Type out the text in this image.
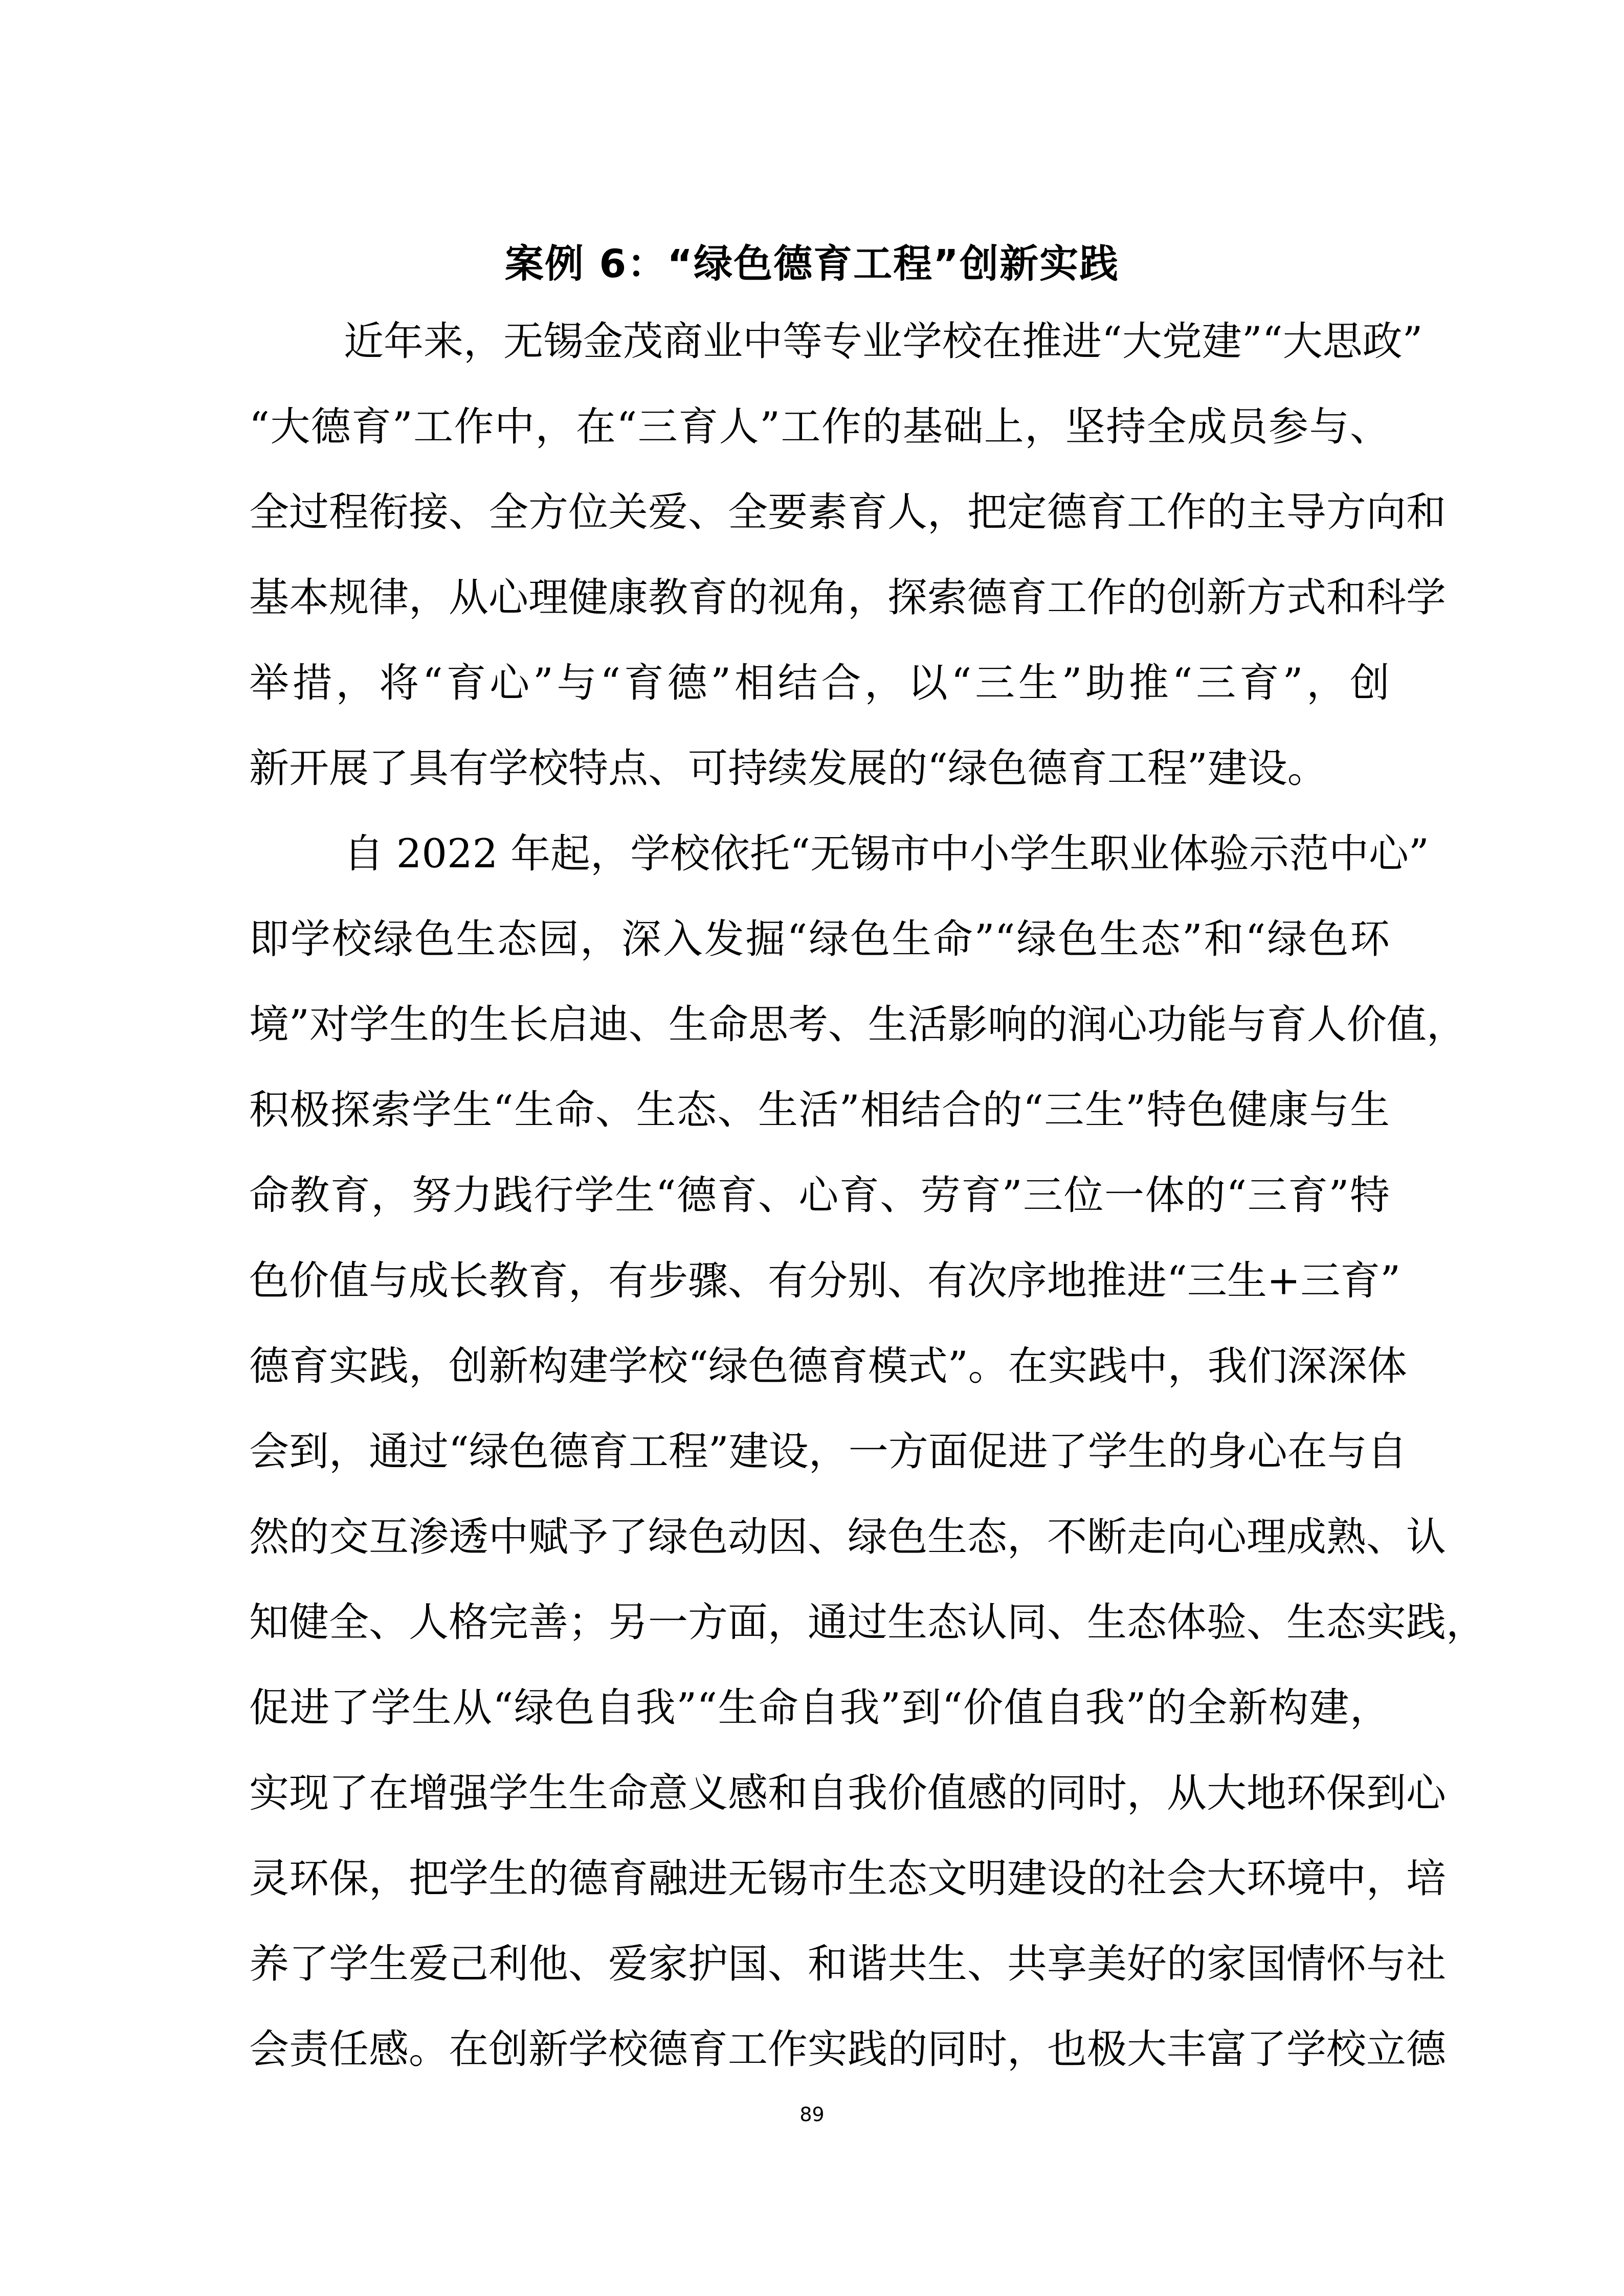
案例 6：“绿色德育工程”创新实践
近年来，无锡金茂商业中等专业学校在推进“大党建”“大思政”
“大德育”工作中，在“三育人”工作的基础上，坚持全成员参与、
全过程衔接、全方位关爱、全要素育人，把定德育工作的主导方向和
基本规律，从心理健康教育的视角，探索德育工作的创新方式和科学
举措，将“育心”与“育德”相结合，以“三生”助推“三育”，创
新开展了具有学校特点、可持续发展的“绿色德育工程”建设。
自 2022 年起，学校依托“无锡市中小学生职业体验示范中心”
即学校绿色生态园，深入发掘“绿色生命”“绿色生态”和“绿色环
境”对学生的生长启迪、生命思考、生活影响的润心功能与育人价值，
积极探索学生“生命、生态、生活”相结合的“三生”特色健康与生
命教育，努力践行学生“德育、心育、劳育”三位一体的“三育”特
色价值与成长教育，有步骤、有分别、有次序地推进“三生+三育”
德育实践，创新构建学校“绿色德育模式”。在实践中，我们深深体
会到，通过“绿色德育工程”建设，一方面促进了学生的身心在与自
然的交互渗透中赋予了绿色动因、绿色生态，不断走向心理成熟、认
知健全、人格完善；另一方面，通过生态认同、生态体验、生态实践，
促进了学生从“绿色自我”“生命自我”到“价值自我”的全新构建，
实现了在增强学生生命意义感和自我价值感的同时，从大地环保到心
灵环保，把学生的德育融进无锡市生态文明建设的社会大环境中，培
养了学生爱己利他、爱家护国、和谐共生、共享美好的家国情怀与社
会责任感。在创新学校德育工作实践的同时，也极大丰富了学校立德
89
